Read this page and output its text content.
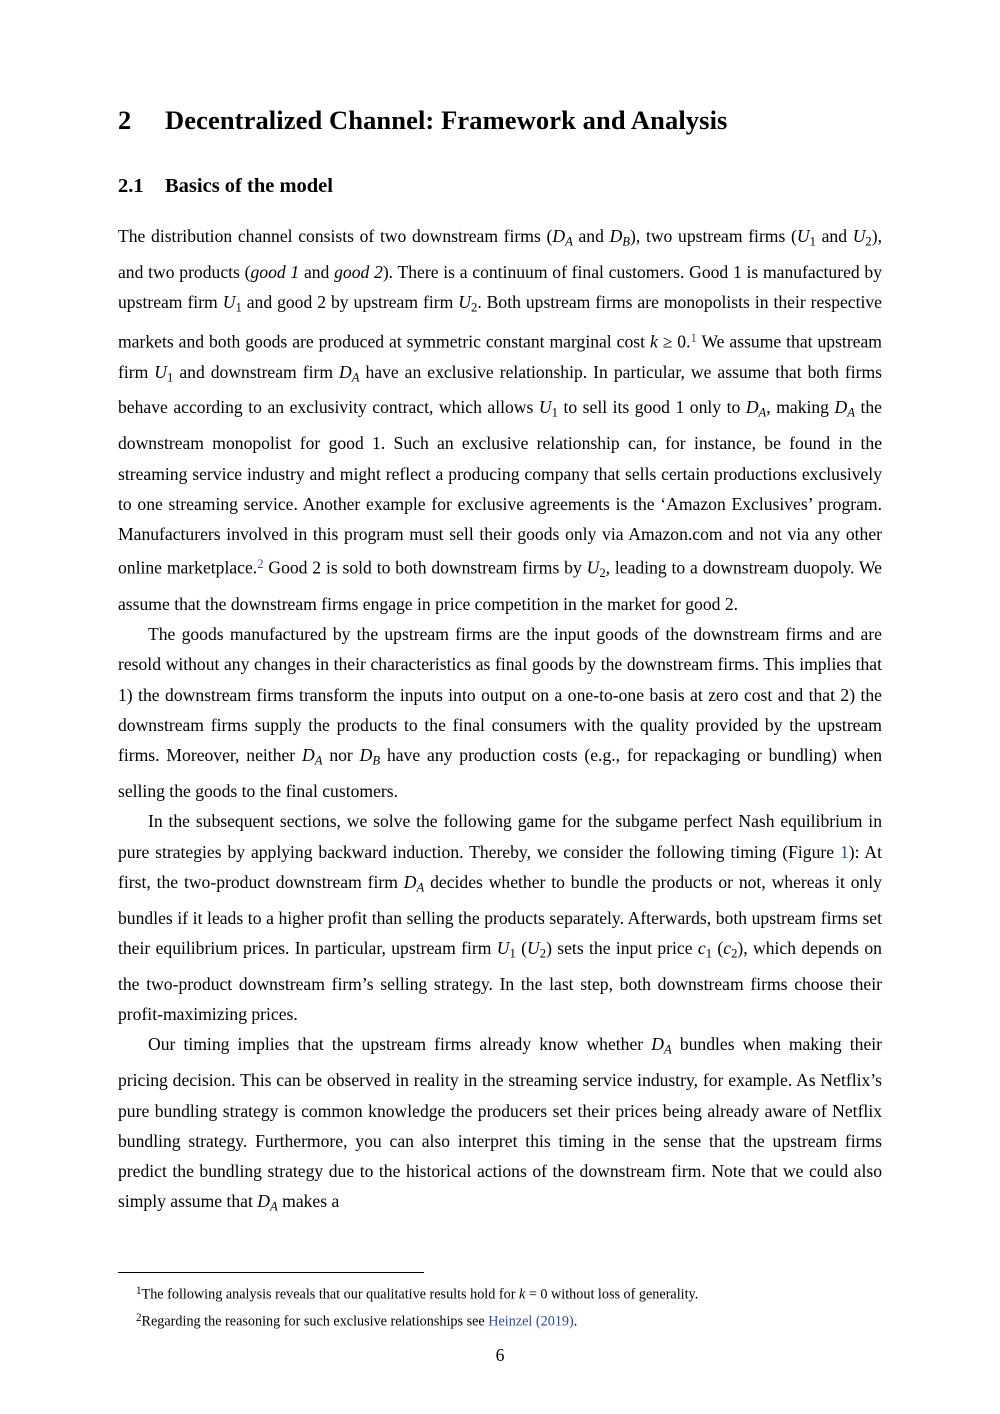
2 Decentralized Channel: Framework and Analysis
2.1 Basics of the model

The distribution channel consists of two downstream firms ($D_A$ and $D_B$), two upstream firms ($U_1$ and $U_2$), and two products (good 1 and good 2). There is a continuum of final customers. Good 1 is manufactured by upstream firm $U_1$ and good 2 by upstream firm $U_2$. Both upstream firms are monopolists in their respective markets and both goods are produced at symmetric constant marginal cost k ≥ 0.$^1$ We assume that upstream firm $U_1$ and downstream firm $D_A$ have an exclusive relationship. In particular, we assume that both firms behave according to an exclusivity contract, which allows $U_1$ to sell its good 1 only to $D_A$, making $D_A$ the downstream monopolist for good 1. Such an exclusive relationship can, for instance, be found in the streaming service industry and might reflect a producing company that sells certain productions exclusively to one streaming service. Another example for exclusive agreements is the ‘Amazon Exclusives’ program. Manufacturers involved in this program must sell their goods only via Amazon.com and not via any other online marketplace.$^2$ Good 2 is sold to both downstream firms by $U_2$, leading to a downstream duopoly. We assume that the downstream firms engage in price competition in the market for good 2.

The goods manufactured by the upstream firms are the input goods of the downstream firms and are resold without any changes in their characteristics as final goods by the downstream firms. This implies that 1) the downstream firms transform the inputs into output on a one-to-one basis at zero cost and that 2) the downstream firms supply the products to the final consumers with the quality provided by the upstream firms. Moreover, neither $D_A$ nor $D_B$ have any production costs (e.g., for repackaging or bundling) when selling the goods to the final customers.

In the subsequent sections, we solve the following game for the subgame perfect Nash equilibrium in pure strategies by applying backward induction. Thereby, we consider the following timing (Figure 1): At first, the two-product downstream firm $D_A$ decides whether to bundle the products or not, whereas it only bundles if it leads to a higher profit than selling the products separately. Afterwards, both upstream firms set their equilibrium prices. In particular, upstream firm $U_1$ $(U_2)$ sets the input price $c_1$ $(c_2)$, which depends on the two-product downstream firm’s selling strategy. In the last step, both downstream firms choose their profit-maximizing prices.

Our timing implies that the upstream firms already know whether $D_A$ bundles when making their pricing decision. This can be observed in reality in the streaming service industry, for example. As Netflix’s pure bundling strategy is common knowledge the producers set their prices being already aware of Netflix bundling strategy. Furthermore, you can also interpret this timing in the sense that the upstream firms predict the bundling strategy due to the historical actions of the downstream firm. Note that we could also simply assume that $D_A$ makes a

$^1$The following analysis reveals that our qualitative results hold for k = 0 without loss of generality.

$^2$Regarding the reasoning for such exclusive relationships see Heinzel (2019).

6
